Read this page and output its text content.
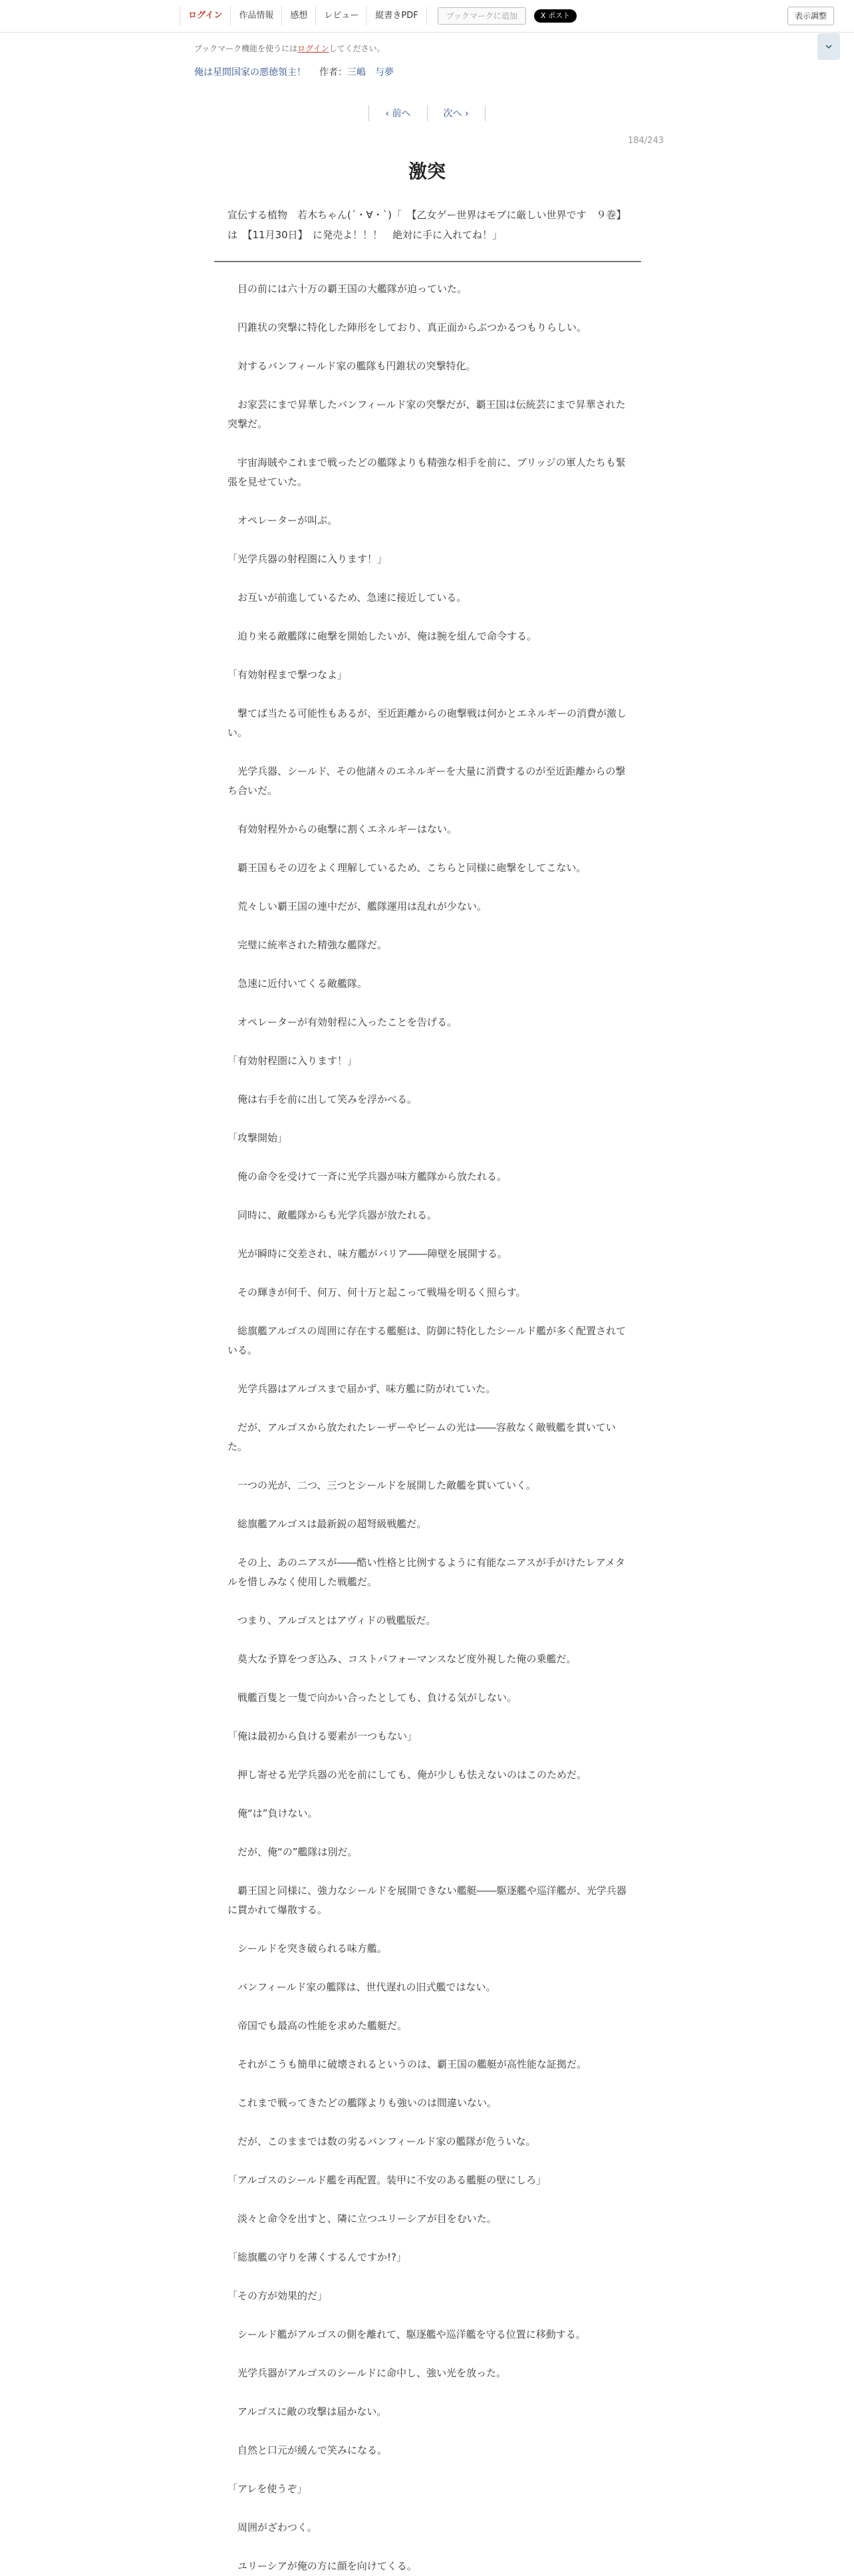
ログイン	作品情報	感想	レビュー	縦書きPDF	ブックマークに追加	X ポスト	表示調整
ブックマーク機能を使うにはログインしてください。
俺は星間国家の悪徳領主！ 作者：三嶋　与夢
‹ 前へ	次へ ›
184/243
激突
宣伝する植物　若木ちゃん(´・∀・`)「　【乙女ゲー世界はモブに厳しい世界です　９巻】　は　【11月30日】　に発売よ！！！　絶対に手に入れてね！」

　目の前には六十万の覇王国の大艦隊が迫っていた。

　円錐状の突撃に特化した陣形をしており、真正面からぶつかるつもりらしい。

　対するバンフィールド家の艦隊も円錐状の突撃特化。

　お家芸にまで昇華したバンフィールド家の突撃だが、覇王国は伝統芸にまで昇華された突撃だ。

　宇宙海賊やこれまで戦ったどの艦隊よりも精強な相手を前に、ブリッジの軍人たちも緊張を見せていた。

　オペレーターが叫ぶ。

「光学兵器の射程圏に入ります！」

　お互いが前進しているため、急速に接近している。

　迫り来る敵艦隊に砲撃を開始したいが、俺は腕を組んで命令する。

「有効射程まで撃つなよ」

　撃てば当たる可能性もあるが、至近距離からの砲撃戦は何かとエネルギーの消費が激しい。

　光学兵器、シールド、その他諸々のエネルギーを大量に消費するのが至近距離からの撃ち合いだ。

　有効射程外からの砲撃に割くエネルギーはない。

　覇王国もその辺をよく理解しているため、こちらと同様に砲撃をしてこない。

　荒々しい覇王国の連中だが、艦隊運用は乱れが少ない。

　完璧に統率された精強な艦隊だ。

　急速に近付いてくる敵艦隊。

　オペレーターが有効射程に入ったことを告げる。

「有効射程圏に入ります！」

　俺は右手を前に出して笑みを浮かべる。

「攻撃開始」

　俺の命令を受けて一斉に光学兵器が味方艦隊から放たれる。

　同時に、敵艦隊からも光学兵器が放たれる。

　光が瞬時に交差され、味方艦がバリア――障壁を展開する。

　その輝きが何千、何万、何十万と起こって戦場を明るく照らす。

　総旗艦アルゴスの周囲に存在する艦艇は、防御に特化したシールド艦が多く配置されている。

　光学兵器はアルゴスまで届かず、味方艦に防がれていた。

　だが、アルゴスから放たれたレーザーやビームの光は――容赦なく敵戦艦を貫いていた。

　一つの光が、二つ、三つとシールドを展開した敵艦を貫いていく。

　総旗艦アルゴスは最新鋭の超弩級戦艦だ。

　その上、あのニアスが――酷い性格と比例するように有能なニアスが手がけたレアメタルを惜しみなく使用した戦艦だ。

　つまり、アルゴスとはアヴィドの戦艦版だ。

　莫大な予算をつぎ込み、コストパフォーマンスなど度外視した俺の乗艦だ。

　戦艦百隻と一隻で向かい合ったとしても、負ける気がしない。

「俺は最初から負ける要素が一つもない」

　押し寄せる光学兵器の光を前にしても、俺が少しも怯えないのはこのためだ。

　俺“は”負けない。

　だが、俺“の”艦隊は別だ。

　覇王国と同様に、強力なシールドを展開できない艦艇――駆逐艦や巡洋艦が、光学兵器に貫かれて爆散する。

　シールドを突き破られる味方艦。

　バンフィールド家の艦隊は、世代遅れの旧式艦ではない。

　帝国でも最高の性能を求めた艦艇だ。

　それがこうも簡単に破壊されるというのは、覇王国の艦艇が高性能な証拠だ。

　これまで戦ってきたどの艦隊よりも強いのは間違いない。

　だが、このままでは数の劣るバンフィールド家の艦隊が危ういな。

「アルゴスのシールド艦を再配置。装甲に不安のある艦艇の壁にしろ」

　淡々と命令を出すと、隣に立つユリーシアが目をむいた。

「総旗艦の守りを薄くするんですか!?」

「その方が効果的だ」

　シールド艦がアルゴスの側を離れて、駆逐艦や巡洋艦を守る位置に移動する。

　光学兵器がアルゴスのシールドに命中し、強い光を放った。

　アルゴスに敵の攻撃は届かない。

　自然と口元が緩んで笑みになる。

「アレを使うぞ」

　周囲がざわつく。

　ユリーシアが俺の方に顔を向けてくる。
